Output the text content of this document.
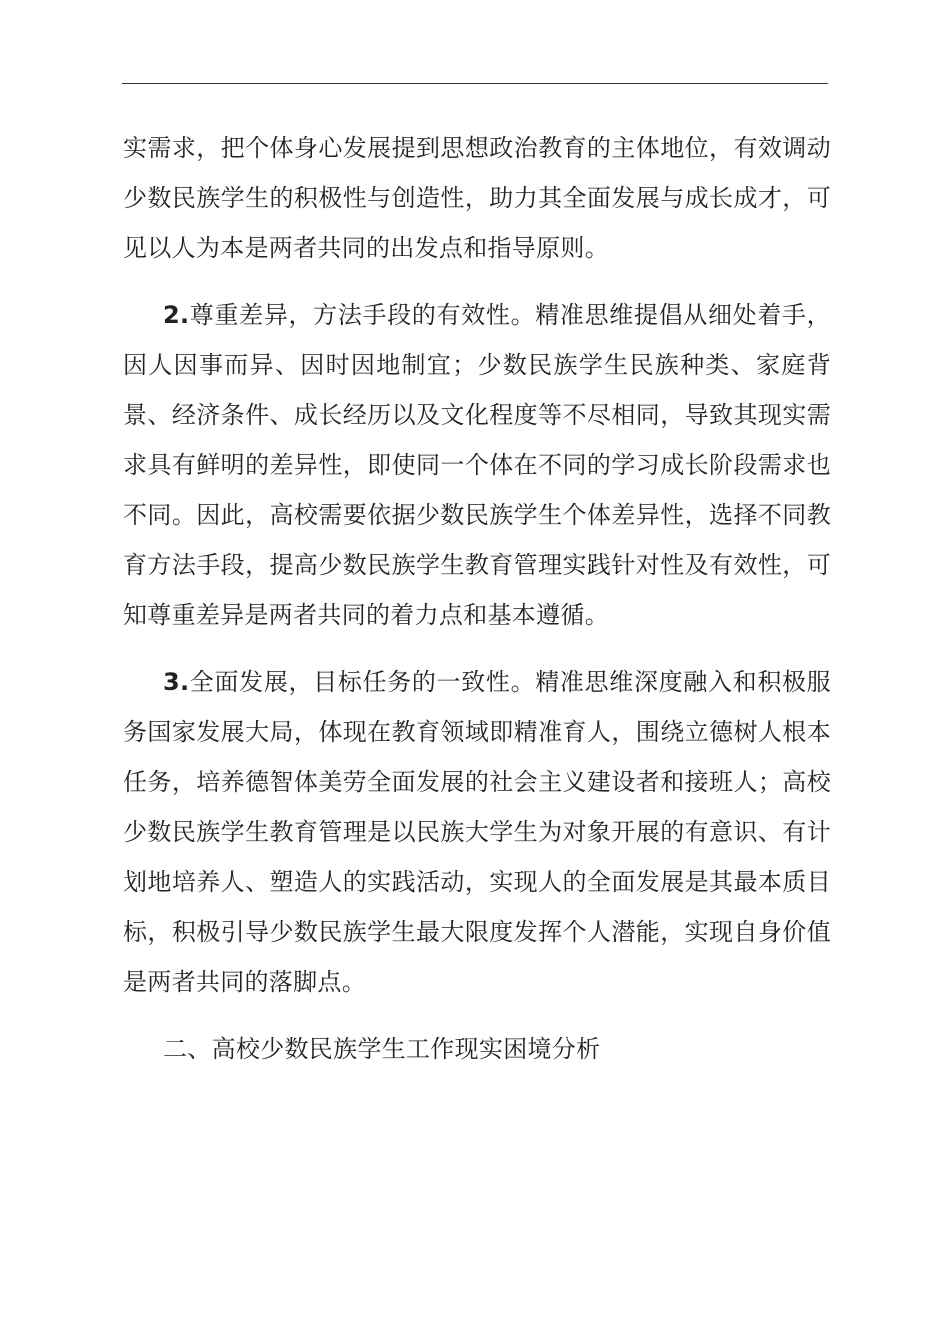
实需求，把个体身心发展提到思想政治教育的主体地位，有效调动少数民族学生的积极性与创造性，助力其全面发展与成长成才，可见以人为本是两者共同的出发点和指导原则。

2.尊重差异，方法手段的有效性。精准思维提倡从细处着手，因人因事而异、因时因地制宜；少数民族学生民族种类、家庭背景、经济条件、成长经历以及文化程度等不尽相同，导致其现实需求具有鲜明的差异性，即使同一个体在不同的学习成长阶段需求也不同。因此，高校需要依据少数民族学生个体差异性，选择不同教育方法手段，提高少数民族学生教育管理实践针对性及有效性，可知尊重差异是两者共同的着力点和基本遵循。

3.全面发展，目标任务的一致性。精准思维深度融入和积极服务国家发展大局，体现在教育领域即精准育人，围绕立德树人根本任务，培养德智体美劳全面发展的社会主义建设者和接班人；高校少数民族学生教育管理是以民族大学生为对象开展的有意识、有计划地培养人、塑造人的实践活动，实现人的全面发展是其最本质目标，积极引导少数民族学生最大限度发挥个人潜能，实现自身价值是两者共同的落脚点。

二、高校少数民族学生工作现实困境分析
